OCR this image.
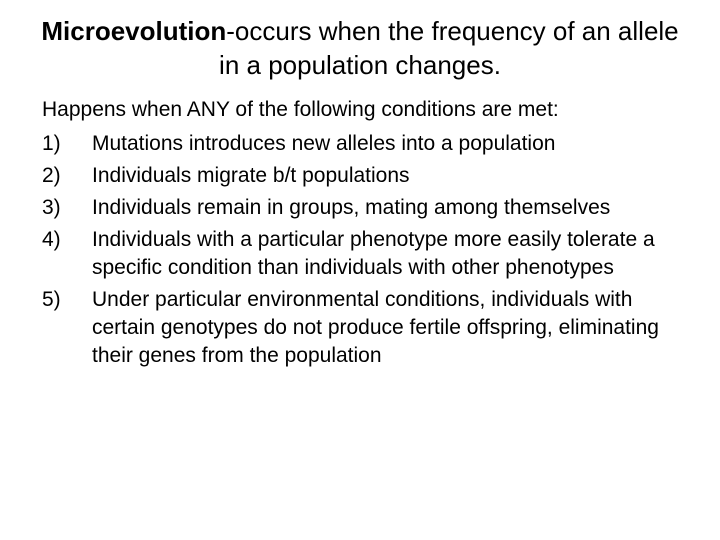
Microevolution-occurs when the frequency of an allele in a population changes.
Happens when ANY of the following conditions are met:
1)	Mutations introduces new alleles into a population
2)	Individuals migrate b/t populations
3)	Individuals remain in groups, mating among themselves
4)	Individuals with a particular phenotype more easily tolerate a specific condition than individuals with other phenotypes
5)	Under particular environmental conditions, individuals with certain genotypes do not produce fertile offspring, eliminating their genes from the population
